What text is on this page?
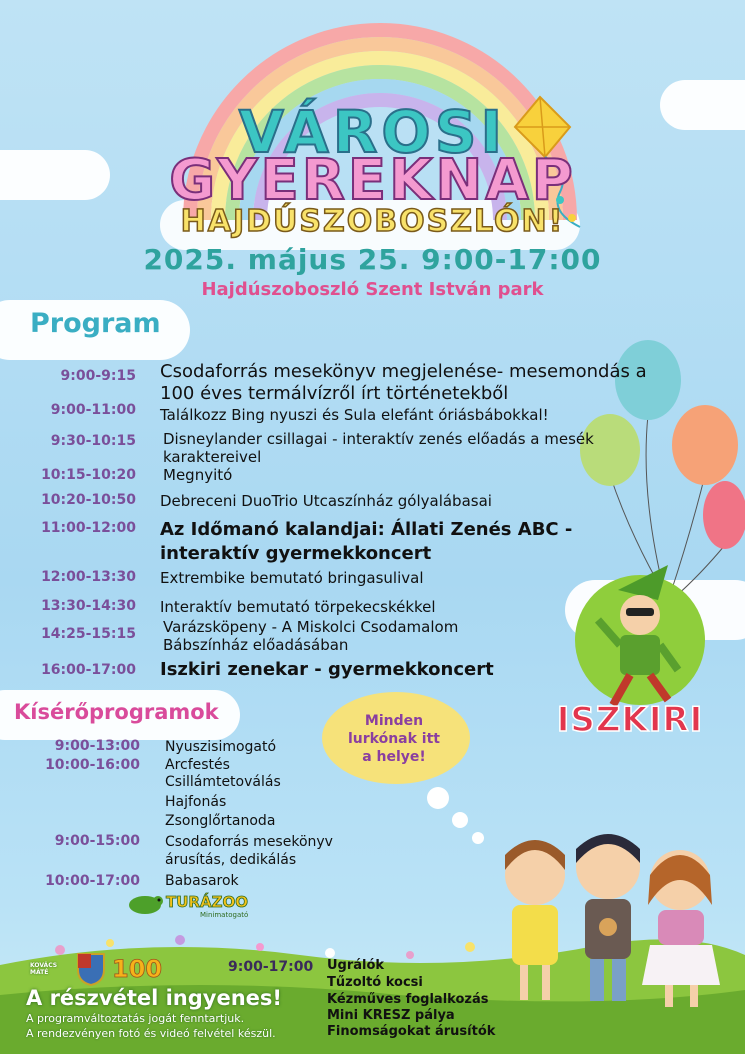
VÁROSI
GYEREKNAP
HAJDÚSZOBOSZLÓN!
2025. május 25. 9:00-17:00
Hajdúszoboszló Szent István park
ISZKIRI
Program
9:00-9:15 Csodaforrás mesekönyv megjelenése- mesemondás a
100 éves termálvízről írt történetekből
9:00-11:00 Találkozz Bing nyuszi és Sula elefánt óriásbábokkal!
9:30-10:15 Disneylander csillagai - interaktív zenés előadás a mesék
karaktereivel
10:15-10:20 Megnyitó
10:20-10:50 Debreceni DuoTrio Utcaszínház gólyalábasai
11:00-12:00 Az Időmanó kalandjai: Állati Zenés ABC -
interaktív gyermekkoncert
12:00-13:30 Extrembike bemutató bringasulival
13:30-14:30 Interaktív bemutató törpekecskékkel
14:25-15:15 Varázsköpeny - A Miskolci Csodamalom
Bábszínház előadásában
16:00-17:00 Iszkiri zenekar - gyermekkoncert
Kísérőprogramok
9:00-13:00 Nyuszisimogató
10:00-16:00 Arcfestés
Csillámtetoválás
Hajfonás
Zsonglőrtanoda
9:00-15:00 Csodaforrás mesekönyv
árusítás, dedikálás
10:00-17:00 Babasarok
Minden
lurkónak itt
a helye!
TURÁZOO
Minimatogató
KOVÁCS MÁTÉ	100	9:00-17:00 Ugrálók
Tűzoltó kocsi
Kézműves foglalkozás
Mini KRESZ pálya
Finomságokat árusítók
A részvétel ingyenes!
A programváltoztatás jogát fenntartjuk.
A rendezvényen fotó és videó felvétel készül.
